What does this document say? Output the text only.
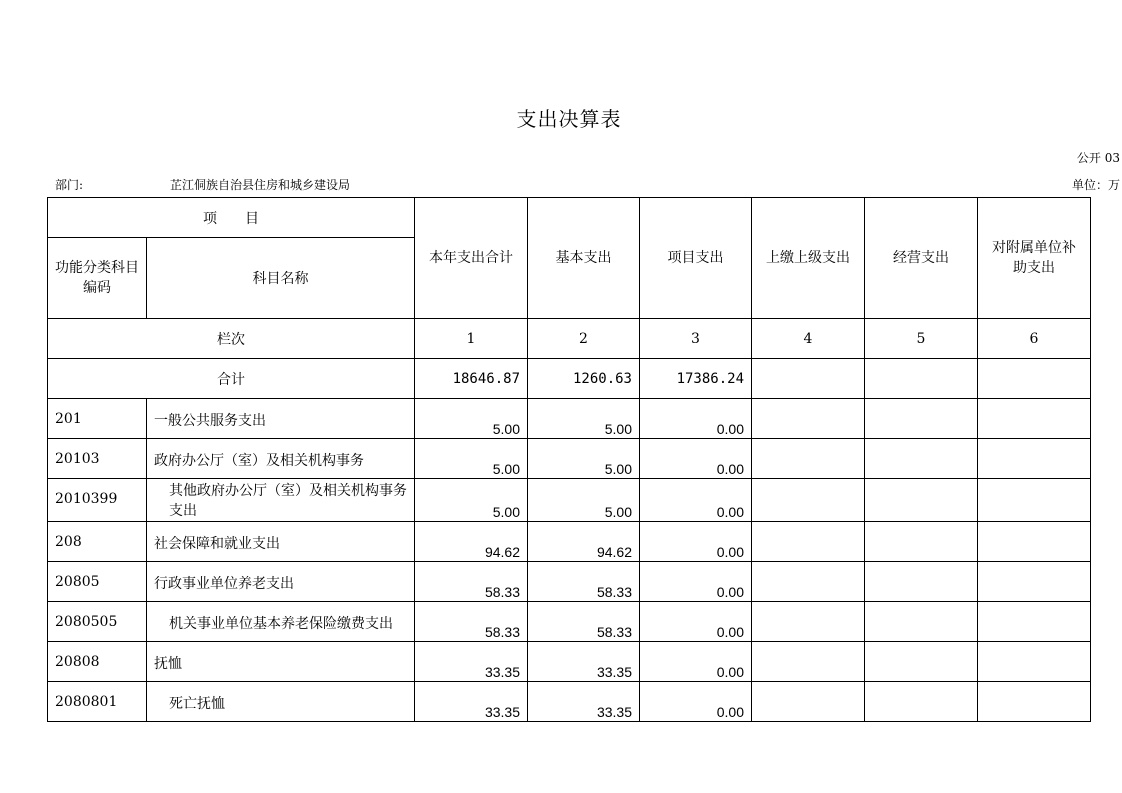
支出决算表
公开 03
部门:	芷江侗族自治县住房和城乡建设局	单位：万
项　　目		本年支出合计	基本支出	项目支出	上缴上级支出	经营支出	对附属单位补助支出
功能分类科目编码	科目名称						
栏次		1	2	3	4	5	6
合计		18646.87	1260.63	17386.24			
201	一般公共服务支出	5.00	5.00	0.00			
20103	政府办公厅（室）及相关机构事务	5.00	5.00	0.00			
2010399	其他政府办公厅（室）及相关机构事务支出	5.00	5.00	0.00			
208	社会保障和就业支出	94.62	94.62	0.00			
20805	行政事业单位养老支出	58.33	58.33	0.00			
2080505	机关事业单位基本养老保险缴费支出	58.33	58.33	0.00			
20808	抚恤	33.35	33.35	0.00			
2080801	死亡抚恤	33.35	33.35	0.00			
